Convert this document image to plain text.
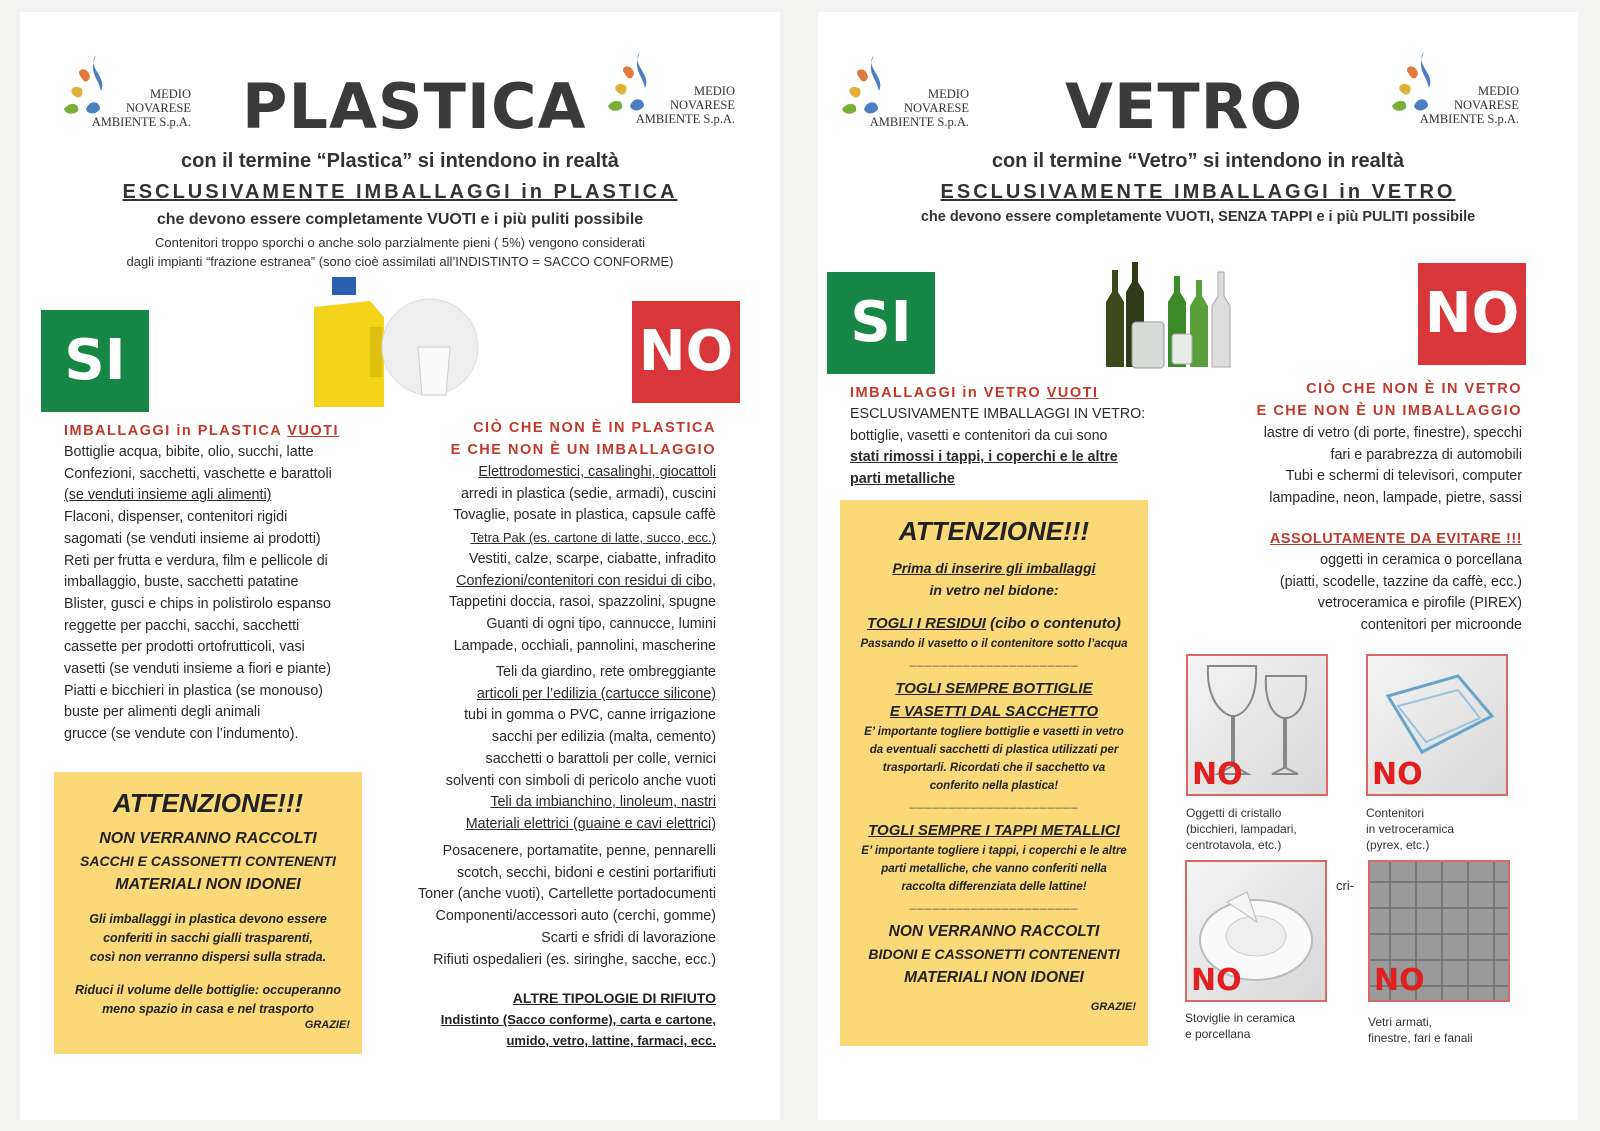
MEDIO
NOVARESE
AMBIENTE S.p.A. PLASTICA	MEDIO
NOVARESE
AMBIENTE S.p.A.
con il termine “Plastica” si intendono in realtà
ESCLUSIVAMENTE IMBALLAGGI in PLASTICA
che devono essere completamente VUOTI e i più puliti possibile
Contenitori troppo sporchi o anche solo parzialmente pieni ( 5%) vengono considerati
dagli impianti “frazione estranea” (sono cioè assimilati all’INDISTINTO = SACCO CONFORME)
SI	NO
IMBALLAGGI in PLASTICA VUOTI
Bottiglie acqua, bibite, olio, succhi, latte
Confezioni, sacchetti, vaschette e barattoli
(se venduti insieme agli alimenti)
Flaconi, dispenser, contenitori rigidi
sagomati (se venduti insieme ai prodotti)
Reti per frutta e verdura, film e pellicole di
imballaggio, buste, sacchetti patatine
Blister, gusci e chips in polistirolo espanso
reggette per pacchi, sacchi, sacchetti
cassette per prodotti ortofrutticoli, vasi
vasetti (se venduti insieme a fiori e piante)
Piatti e bicchieri in plastica (se monouso)
buste per alimenti degli animali
grucce (se vendute con l’indumento).
CIÒ CHE NON È IN PLASTICA
E CHE NON È UN IMBALLAGGIO
Elettrodomestici, casalinghi, giocattoli
arredi in plastica (sedie, armadi), cuscini
Tovaglie, posate in plastica, capsule caffè
Tetra Pak (es. cartone di latte, succo, ecc.)
Vestiti, calze, scarpe, ciabatte, infradito
Confezioni/contenitori con residui di cibo,
Tappetini doccia, rasoi, spazzolini, spugne
Guanti di ogni tipo, cannucce, lumini
Lampade, occhiali, pannolini, mascherine
Teli da giardino, rete ombreggiante
articoli per l’edilizia (cartucce silicone)
tubi in gomma o PVC, canne irrigazione
sacchi per edilizia (malta, cemento)
sacchetti o barattoli per colle, vernici
solventi con simboli di pericolo anche vuoti
Teli da imbianchino, linoleum, nastri
Materiali elettrici (guaine e cavi elettrici)
Posacenere, portamatite, penne, pennarelli
scotch, secchi, bidoni e cestini portarifiuti
Toner (anche vuoti), Cartellette portadocumenti
Componenti/accessori auto (cerchi, gomme)
Scarti e sfridi di lavorazione
Rifiuti ospedalieri (es. siringhe, sacche, ecc.)
ALTRE TIPOLOGIE DI RIFIUTO
Indistinto (Sacco conforme), carta e cartone,
umido, vetro, lattine, farmaci, ecc.
ATTENZIONE!!!
NON VERRANNO RACCOLTI
SACCHI E CASSONETTI CONTENENTI
MATERIALI NON IDONEI
Gli imballaggi in plastica devono essere
conferiti in sacchi gialli trasparenti,
così non verranno dispersi sulla strada.
Riduci il volume delle bottiglie: occuperanno
meno spazio in casa e nel trasporto
GRAZIE!
MEDIO
NOVARESE
AMBIENTE S.p.A. VETRO	MEDIO
NOVARESE
AMBIENTE S.p.A.
con il termine “Vetro” si intendono in realtà
ESCLUSIVAMENTE IMBALLAGGI in VETRO
che devono essere completamente VUOTI, SENZA TAPPI e i più PULITI possibile
SI	NO
IMBALLAGGI in VETRO VUOTI
ESCLUSIVAMENTE IMBALLAGGI IN VETRO:
bottiglie, vasetti e contenitori da cui sono
stati rimossi i tappi, i coperchi e le altre
parti metalliche
CIÒ CHE NON È IN VETRO
E CHE NON È UN IMBALLAGGIO
lastre di vetro (di porte, finestre), specchi
fari e parabrezza di automobili
Tubi e schermi di televisori, computer
lampadine, neon, lampade, pietre, sassi
ASSOLUTAMENTE DA EVITARE !!!
oggetti in ceramica o porcellana
(piatti, scodelle, tazzine da caffè, ecc.)
vetroceramica e pirofile (PIREX)
contenitori per microonde
ATTENZIONE!!!
Prima di inserire gli imballaggi
in vetro nel bidone:
TOGLI I RESIDUI (cibo o contenuto)
Passando il vasetto o il contenitore sotto l’acqua
______________________
TOGLI SEMPRE BOTTIGLIE
E VASETTI DAL SACCHETTO
E’ importante togliere bottiglie e vasetti in vetro
da eventuali sacchetti di plastica utilizzati per
trasportarli. Ricordati che il sacchetto va
conferito nella plastica!
______________________
TOGLI SEMPRE I TAPPI METALLICI
E’ importante togliere i tappi, i coperchi e le altre
parti metalliche, che vanno conferiti nella
raccolta differenziata delle lattine!
______________________
NON VERRANNO RACCOLTI
BIDONI E CASSONETTI CONTENENTI
MATERIALI NON IDONEI
GRAZIE!
NO
Oggetti di cristallo
(bicchieri, lampadari,
centrotavola, etc.)
NO
Contenitori
in vetroceramica
(pyrex, etc.)
cri-
NO
Stoviglie in ceramica
e porcellana
NO
Vetri armati,
finestre, fari e fanali
